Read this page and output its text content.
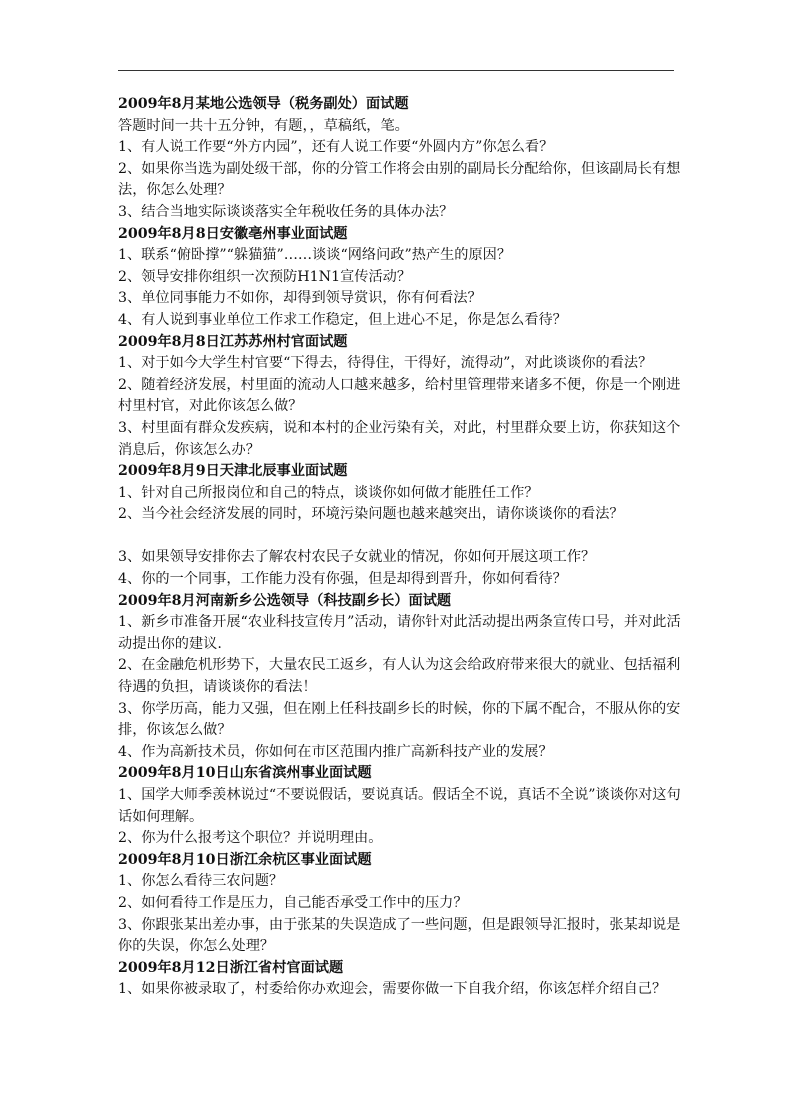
2009年8月某地公选领导（税务副处）面试题

答题时间一共十五分钟，有题，，草稿纸，笔。

1、有人说工作要“外方内园”，还有人说工作要“外圆内方”你怎么看？

2、如果你当选为副处级干部，你的分管工作将会由别的副局长分配给你，但该副局长有想法，你怎么处理？

3、结合当地实际谈谈落实全年税收任务的具体办法？

2009年8月8日安徽亳州事业面试题

1、联系“俯卧撑”“躲猫猫”……谈谈“网络问政”热产生的原因？

2、领导安排你组织一次预防H1N1宣传活动？

3、单位同事能力不如你，却得到领导赏识，你有何看法？

4、有人说到事业单位工作求工作稳定，但上进心不足，你是怎么看待？

2009年8月8日江苏苏州村官面试题

1、对于如今大学生村官要“下得去，待得住，干得好，流得动”，对此谈谈你的看法？

2、随着经济发展，村里面的流动人口越来越多，给村里管理带来诸多不便，你是一个刚进村里村官，对此你该怎么做？

3、村里面有群众发疾病，说和本村的企业污染有关，对此，村里群众要上访，你获知这个消息后，你该怎么办？

2009年8月9日天津北辰事业面试题

1、针对自己所报岗位和自己的特点，谈谈你如何做才能胜任工作？

2、当今社会经济发展的同时，环境污染问题也越来越突出，请你谈谈你的看法？

3、如果领导安排你去了解农村农民子女就业的情况，你如何开展这项工作？

4、你的一个同事，工作能力没有你强，但是却得到晋升，你如何看待？

2009年8月河南新乡公选领导（科技副乡长）面试题

1、新乡市准备开展“农业科技宣传月”活动，请你针对此活动提出两条宣传口号，并对此活动提出你的建议.

2、在金融危机形势下，大量农民工返乡，有人认为这会给政府带来很大的就业、包括福利待遇的负担，请谈谈你的看法！

3、你学历高，能力又强，但在刚上任科技副乡长的时候，你的下属不配合，不服从你的安排，你该怎么做？

4、作为高新技术员，你如何在市区范围内推广高新科技产业的发展？

2009年8月10日山东省滨州事业面试题

1、国学大师季羡林说过“不要说假话，要说真话。假话全不说，真话不全说”谈谈你对这句话如何理解。

2、你为什么报考这个职位？并说明理由。

2009年8月10日浙江余杭区事业面试题

1、你怎么看待三农问题？

2、如何看待工作是压力，自己能否承受工作中的压力？

3、你跟张某出差办事，由于张某的失误造成了一些问题，但是跟领导汇报时，张某却说是你的失误，你怎么处理？

2009年8月12日浙江省村官面试题

1、如果你被录取了，村委给你办欢迎会，需要你做一下自我介绍，你该怎样介绍自己？
